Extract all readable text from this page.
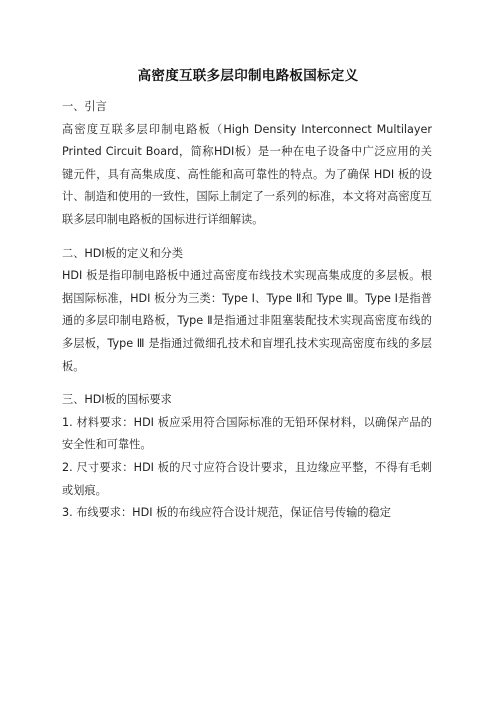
高密度互联多层印制电路板国标定义

一、引言

高密度互联多层印制电路板（High Density Interconnect Multilayer Printed Circuit Board，简称HDI板）是一种在电子设备中广泛应用的关键元件，具有高集成度、高性能和高可靠性的特点。为了确保 HDI 板的设计、制造和使用的一致性，国际上制定了一系列的标准，本文将对高密度互联多层印制电路板的国标进行详细解读。

二、HDI板的定义和分类

HDI 板是指印制电路板中通过高密度布线技术实现高集成度的多层板。根据国际标准，HDI 板分为三类：Type Ⅰ、Type Ⅱ和 Type Ⅲ。Type Ⅰ是指普通的多层印制电路板，Type Ⅱ是指通过非阻塞装配技术实现高密度布线的多层板，Type Ⅲ 是指通过微细孔技术和盲埋孔技术实现高密度布线的多层板。

三、HDI板的国标要求

1. 材料要求：HDI 板应采用符合国际标准的无铅环保材料，以确保产品的安全性和可靠性。

2. 尺寸要求：HDI 板的尺寸应符合设计要求，且边缘应平整，不得有毛刺或划痕。

3. 布线要求：HDI 板的布线应符合设计规范，保证信号传输的稳定
